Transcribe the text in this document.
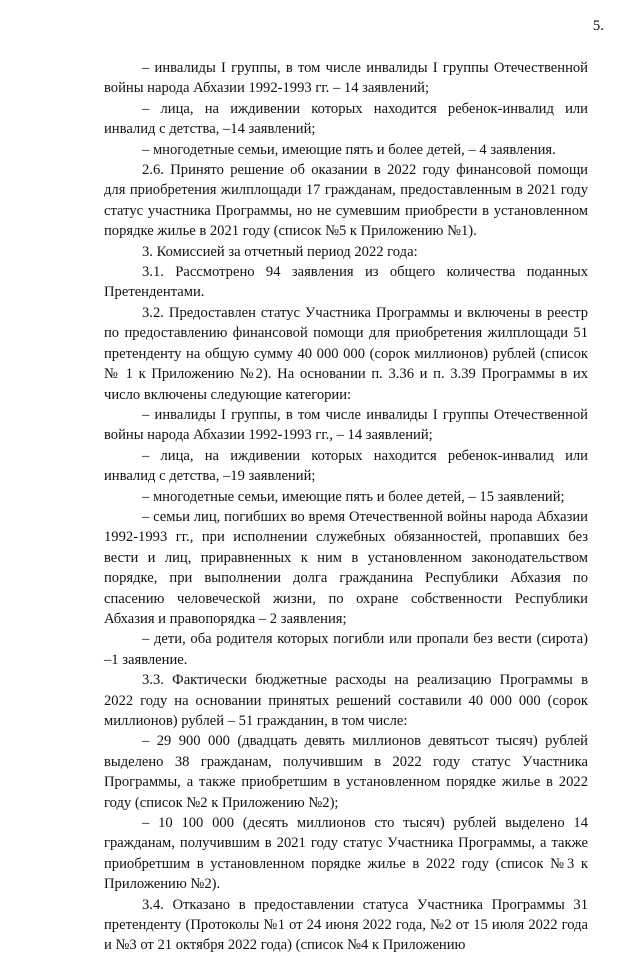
5.

– инвалиды I группы, в том числе инвалиды I группы Отечественной войны народа Абхазии 1992-1993 гг. – 14 заявлений;

– лица, на иждивении которых находится ребенок-инвалид или инвалид с детства, –14 заявлений;

– многодетные семьи, имеющие пять и более детей, – 4 заявления.

2.6. Принято решение об оказании в 2022 году финансовой помощи для приобретения жилплощади 17 гражданам, предоставленным в 2021 году статус участника Программы, но не сумевшим приобрести в установленном порядке жилье в 2021 году (список №5 к Приложению №1).

3. Комиссией за отчетный период 2022 года:

3.1. Рассмотрено 94 заявления из общего количества поданных Претендентами.

3.2. Предоставлен статус Участника Программы и включены в реестр по предоставлению финансовой помощи для приобретения жилплощади 51 претенденту на общую сумму 40 000 000 (сорок миллионов) рублей (список № 1 к Приложению №2). На основании п. 3.36 и п. 3.39 Программы в их число включены следующие категории:

– инвалиды I группы, в том числе инвалиды I группы Отечественной войны народа Абхазии 1992-1993 гг., – 14 заявлений;

– лица, на иждивении которых находится ребенок-инвалид или инвалид с детства, –19 заявлений;

– многодетные семьи, имеющие пять и более детей, – 15 заявлений;

– семьи лиц, погибших во время Отечественной войны народа Абхазии 1992-1993 гг., при исполнении служебных обязанностей, пропавших без вести и лиц, приравненных к ним в установленном законодательством порядке, при выполнении долга гражданина Республики Абхазия по спасению человеческой жизни, по охране собственности Республики Абхазия и правопорядка – 2 заявления;

– дети, оба родителя которых погибли или пропали без вести (сирота) –1 заявление.

3.3. Фактически бюджетные расходы на реализацию Программы в 2022 году на основании принятых решений составили 40 000 000 (сорок миллионов) рублей – 51 гражданин, в том числе:

– 29 900 000 (двадцать девять миллионов девятьсот тысяч) рублей выделено 38 гражданам, получившим в 2022 году статус Участника Программы, а также приобретшим в установленном порядке жилье в 2022 году (список №2 к Приложению №2);

– 10 100 000 (десять миллионов сто тысяч) рублей выделено 14 гражданам, получившим в 2021 году статус Участника Программы, а также приобретшим в установленном порядке жилье в 2022 году (список №3 к Приложению №2).

3.4. Отказано в предоставлении статуса Участника Программы 31 претенденту (Протоколы №1 от 24 июня 2022 года, №2 от 15 июля 2022 года и №3 от 21 октября 2022 года) (список №4 к Приложению
